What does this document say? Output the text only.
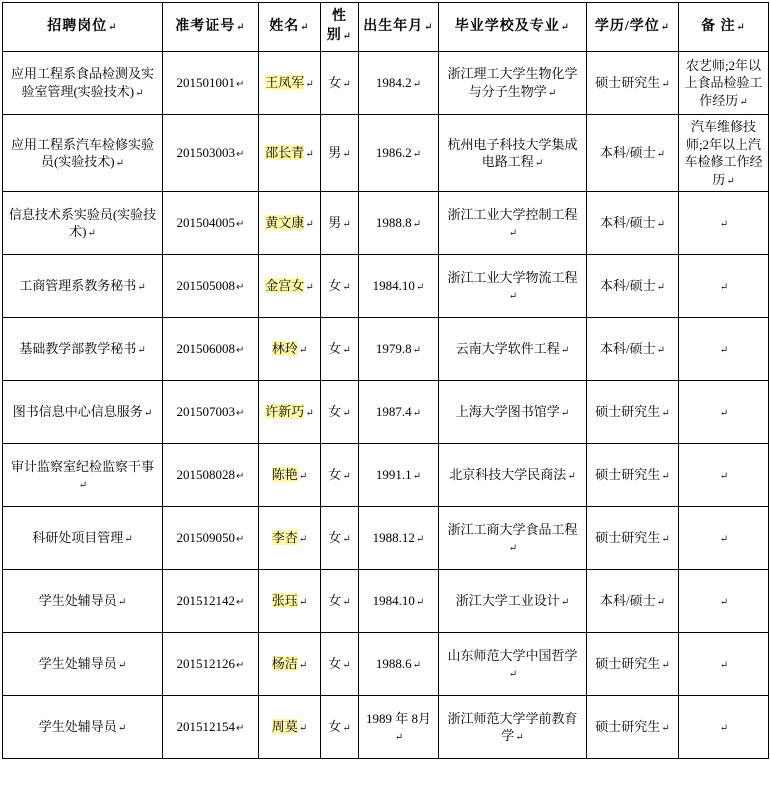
招聘岗位 ↵	准考证号 ↵	姓名 ↵	性别 ↵	出生年月 ↵	毕业学校及专业 ↵	学历/学位 ↵	备 注 ↵
应用工程系食品检测及实验室管理(实验技术) ↵	201501001 ↵	王凤军 ↵	女 ↵	1984.2 ↵	浙江理工大学生物化学与分子生物学 ↵	硕士研究生 ↵	农艺师;2年以上食品检验工作经历 ↵
应用工程系汽车检修实验员(实验技术) ↵	201503003 ↵	邵长青 ↵	男 ↵	1986.2 ↵	杭州电子科技大学集成电路工程 ↵	本科/硕士 ↵	汽车维修技师;2年以上汽车检修工作经历 ↵
信息技术系实验员(实验技术) ↵	201504005 ↵	黄文康 ↵	男 ↵	1988.8 ↵	浙江工业大学控制工程 ↵	本科/硕士 ↵	↵
工商管理系教务秘书 ↵	201505008 ↵	金宫女 ↵	女 ↵	1984.10 ↵	浙江工业大学物流工程 ↵	本科/硕士 ↵	↵
基础教学部教学秘书 ↵	201506008 ↵	林玲 ↵	女 ↵	1979.8 ↵	云南大学软件工程 ↵	本科/硕士 ↵	↵
图书信息中心信息服务 ↵	201507003 ↵	许新巧 ↵	女 ↵	1987.4 ↵	上海大学图书馆学 ↵	硕士研究生 ↵	↵
审计监察室纪检监察干事 ↵	201508028 ↵	陈艳 ↵	女 ↵	1991.1 ↵	北京科技大学民商法 ↵	硕士研究生 ↵	↵
科研处项目管理 ↵	201509050 ↵	李杏 ↵	女 ↵	1988.12 ↵	浙江工商大学食品工程 ↵	硕士研究生 ↵	↵
学生处辅导员 ↵	201512142 ↵	张珏 ↵	女 ↵	1984.10 ↵	浙江大学工业设计 ↵	本科/硕士 ↵	↵
学生处辅导员 ↵	201512126 ↵	杨洁 ↵	女 ↵	1988.6 ↵	山东师范大学中国哲学 ↵	硕士研究生 ↵	↵
学生处辅导员 ↵	201512154 ↵	周莫 ↵	女 ↵	1989 年 8月 ↵	浙江师范大学学前教育学 ↵	硕士研究生 ↵	↵
